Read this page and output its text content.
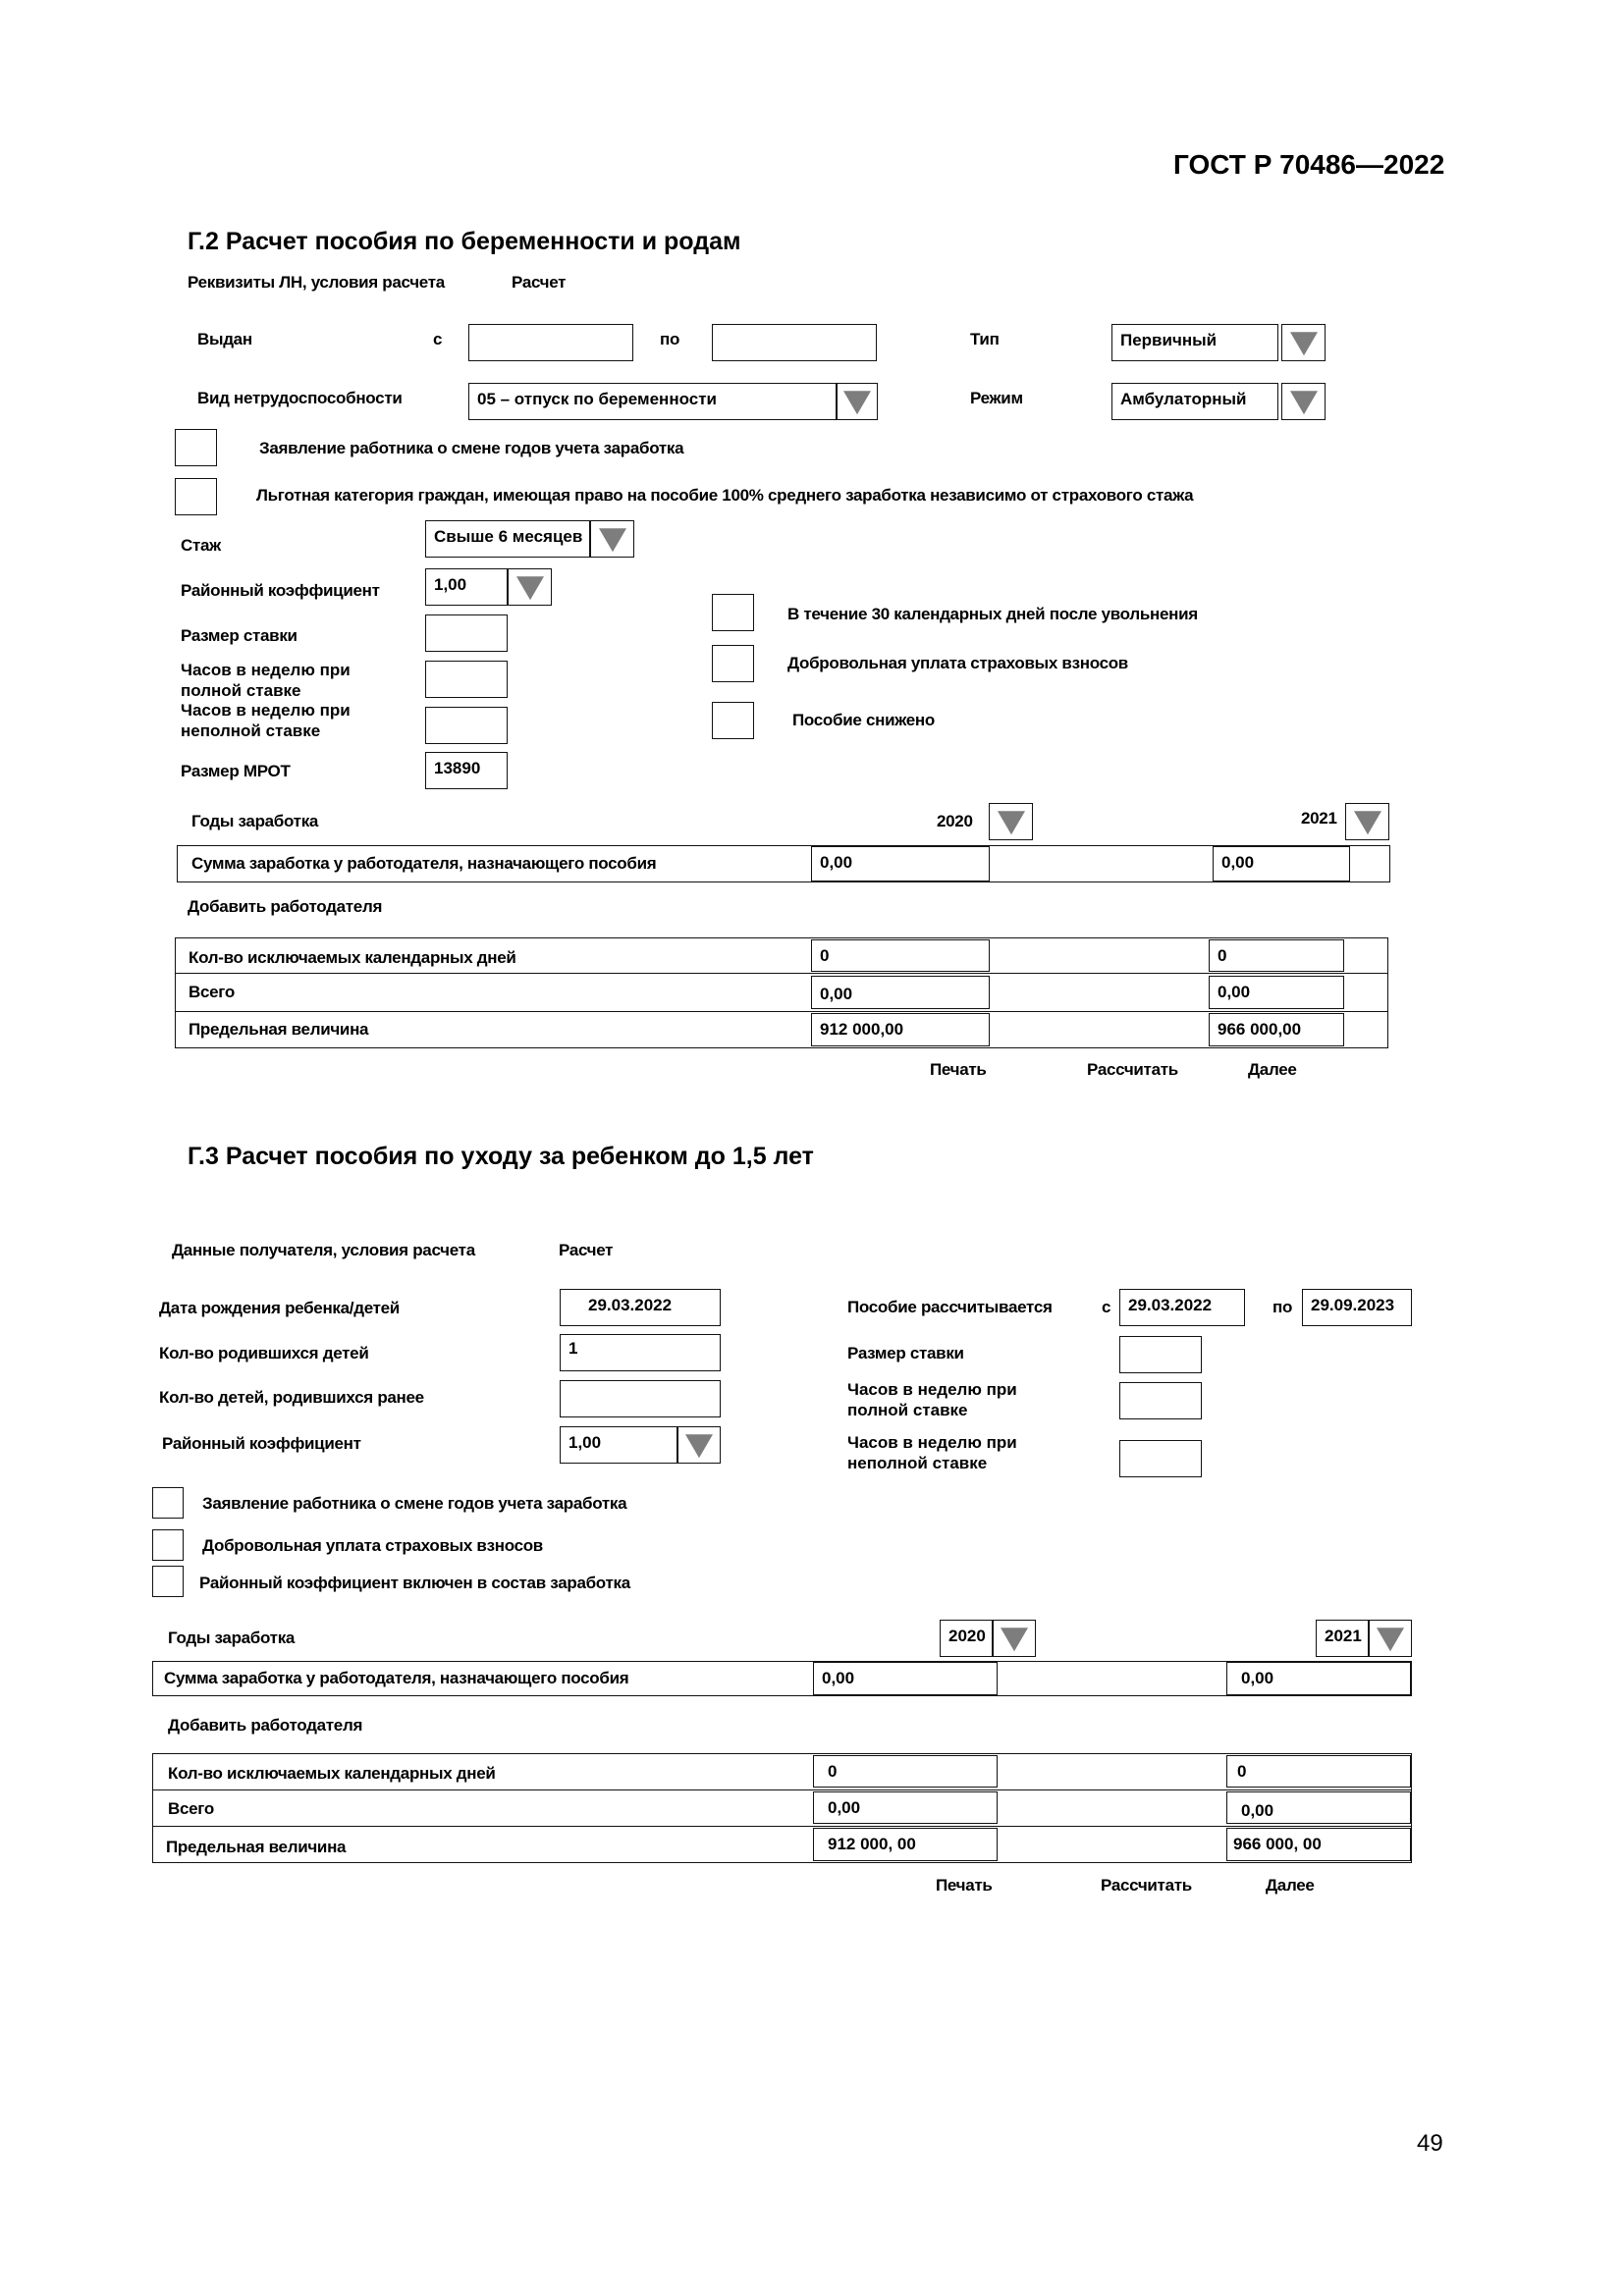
ГОСТ Р 70486—2022
Г.2 Расчет пособия по беременности и родам
Реквизиты ЛН, условия расчета	Расчет
Выдан	с	по	Тип	Первичный
Вид нетрудоспособности	05 – отпуск по беременности	Режим	Амбулаторный
Заявление работника о смене годов учета заработка
Льготная категория граждан, имеющая право на пособие 100% среднего заработка независимо от страхового стажа
Стаж	Свыше 6 месяцев
Районный коэффициент	1,00
Размер ставки
Часов в неделю при полной ставке
Часов в неделю при неполной ставке
Размер МРОТ	13890
В течение 30 календарных дней после увольнения
Добровольная уплата страховых взносов
Пособие снижено
Годы заработка	2020	2021
Сумма заработка у работодателя, назначающего пособия	0,00	0,00
Добавить работодателя
Кол-во исключаемых календарных дней	0	0
Всего	0,00	0,00
Предельная величина	912 000,00	966 000,00
Печать	Рассчитать	Далее
Г.3 Расчет пособия по уходу за ребенком до 1,5 лет
Данные получателя, условия расчета	Расчет
Дата рождения ребенка/детей	29.03.2022
Кол-во родившихся детей	1
Кол-во детей, родившихся ранее
Районный коэффициент	1,00
Пособие рассчитывается	с	29.03.2022	по	29.09.2023
Размер ставки
Часов в неделю при полной ставке
Часов в неделю при неполной ставке
Заявление работника о смене годов учета заработка
Добровольная уплата страховых взносов
Районный коэффициент включен в состав заработка
Годы заработка	2020	2021
Сумма заработка у работодателя, назначающего пособия	0,00	0,00
Добавить работодателя
Кол-во исключаемых календарных дней	0	0
Всего	0,00	0,00
Предельная величина	912 000, 00	966 000, 00
Печать	Рассчитать	Далее
49
